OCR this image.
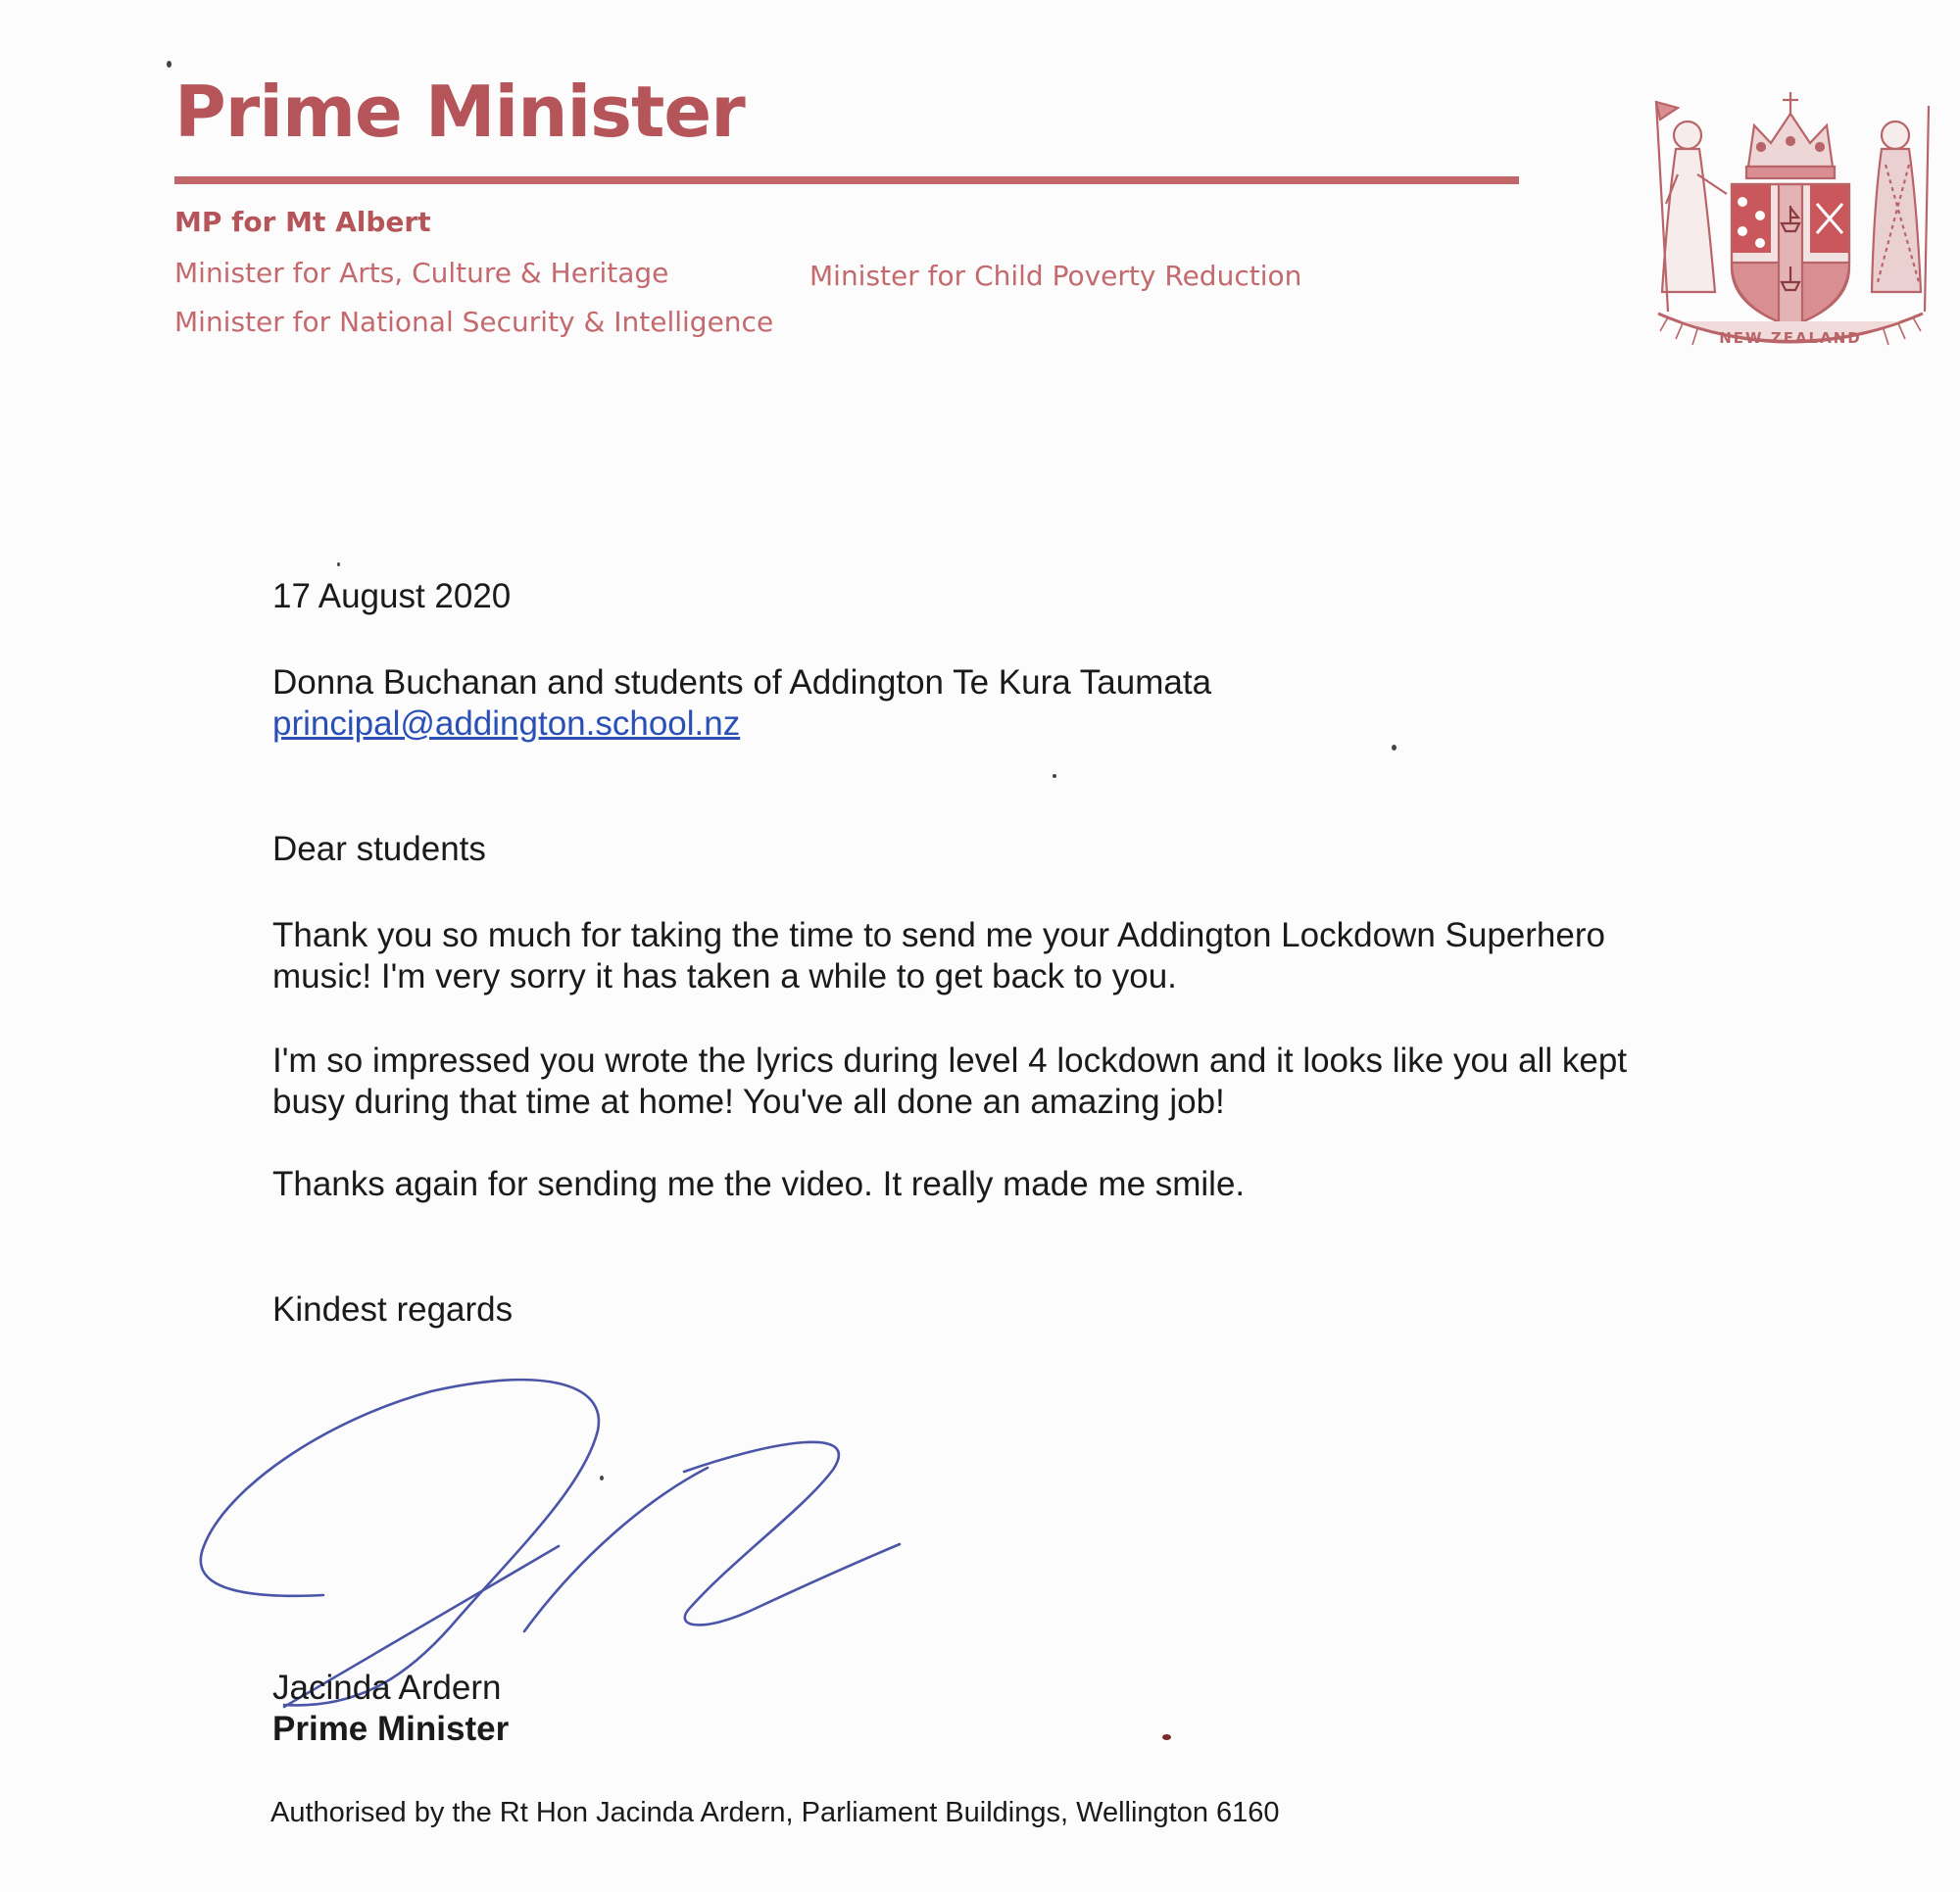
Prime Minister

MP for Mt Albert

Minister for Arts, Culture & Heritage

Minister for National Security & Intelligence

Minister for Child Poverty Reduction

NEW ZEALAND

17 August 2020

Donna Buchanan and students of Addington Te Kura Taumata

principal@addington.school.nz

Dear students

Thank you so much for taking the time to send me your Addington Lockdown Superhero
music! I'm very sorry it has taken a while to get back to you.

I'm so impressed you wrote the lyrics during level 4 lockdown and it looks like you all kept
busy during that time at home! You've all done an amazing job!

Thanks again for sending me the video. It really made me smile.

Kindest regards

Jacinda Ardern

Prime Minister

Authorised by the Rt Hon Jacinda Ardern, Parliament Buildings, Wellington 6160
